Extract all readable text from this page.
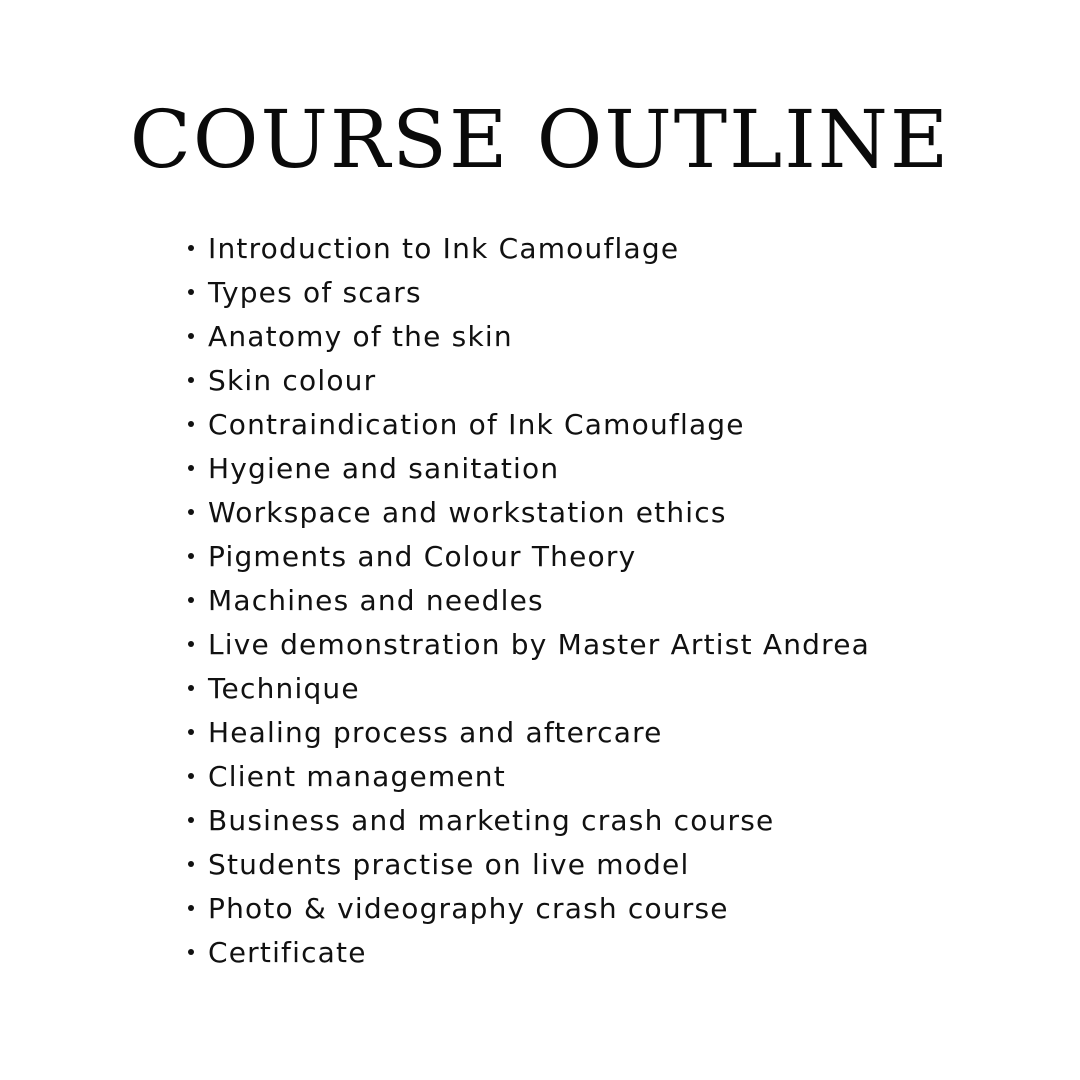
COURSE OUTLINE
Introduction to Ink Camouflage
Types of scars
Anatomy of the skin
Skin colour
Contraindication of Ink Camouflage
Hygiene and sanitation
Workspace and workstation ethics
Pigments and Colour Theory
Machines and needles
Live demonstration by Master Artist Andrea
Technique
Healing process and aftercare
Client management
Business and marketing crash course
Students practise on live model
Photo & videography crash course
Certificate
